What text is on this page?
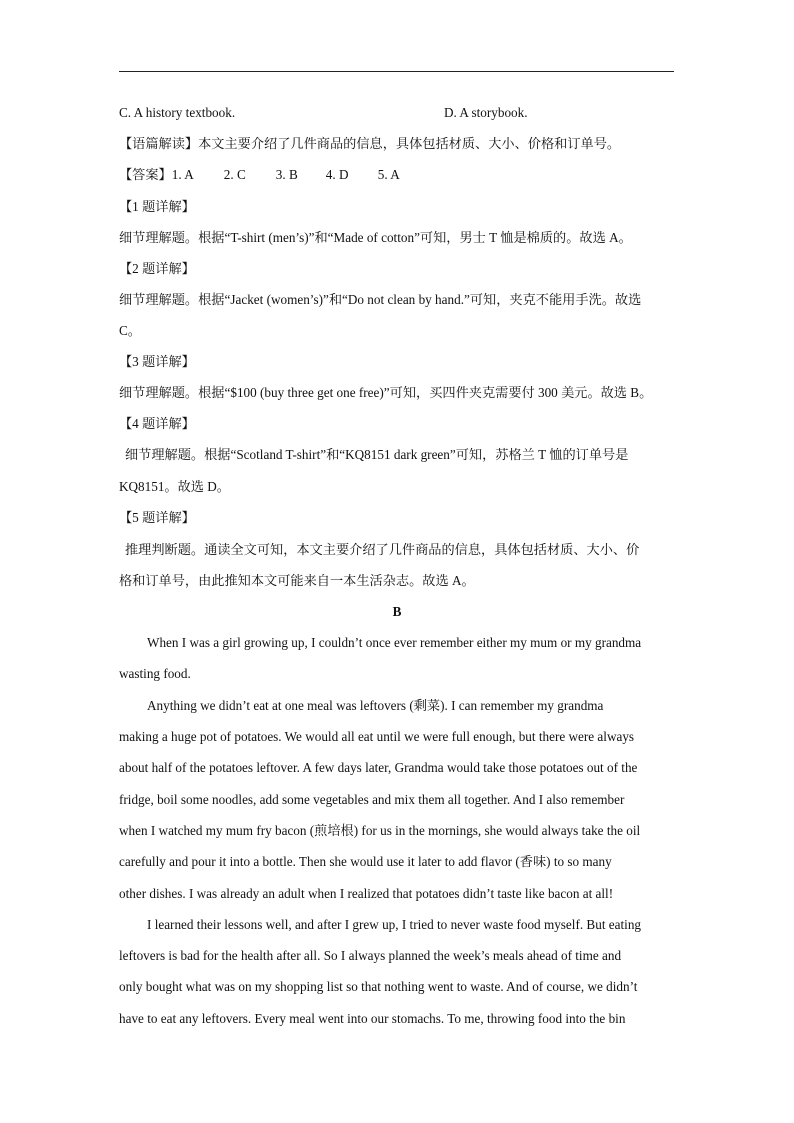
C. A history textbook.	D. A storybook.
【语篇解读】本文主要介绍了几件商品的信息，具体包括材质、大小、价格和订单号。
【答案】1. A 2. C 3. B 4. D 5. A
【1 题详解】
细节理解题。根据“T-shirt (men’s)”和“Made of cotton”可知，男士 T 恤是棉质的。故选 A。
【2 题详解】
细节理解题。根据“Jacket (women’s)”和“Do not clean by hand.”可知，夹克不能用手洗。故选
C。
【3 题详解】
细节理解题。根据“$100 (buy three get one free)”可知，买四件夹克需要付 300 美元。故选 B。
【4 题详解】
细节理解题。根据“Scotland T-shirt”和“KQ8151 dark green”可知，苏格兰 T 恤的订单号是
KQ8151。故选 D。
【5 题详解】
推理判断题。通读全文可知，本文主要介绍了几件商品的信息，具体包括材质、大小、价
格和订单号，由此推知本文可能来自一本生活杂志。故选 A。
B
When I was a girl growing up, I couldn’t once ever remember either my mum or my grandma
wasting food.
Anything we didn’t eat at one meal was leftovers (剩菜). I can remember my grandma
making a huge pot of potatoes. We would all eat until we were full enough, but there were always
about half of the potatoes leftover. A few days later, Grandma would take those potatoes out of the
fridge, boil some noodles, add some vegetables and mix them all together. And I also remember
when I watched my mum fry bacon (煎培根) for us in the mornings, she would always take the oil
carefully and pour it into a bottle. Then she would use it later to add flavor (香味) to so many
other dishes. I was already an adult when I realized that potatoes didn’t taste like bacon at all!
I learned their lessons well, and after I grew up, I tried to never waste food myself. But eating
leftovers is bad for the health after all. So I always planned the week’s meals ahead of time and
only bought what was on my shopping list so that nothing went to waste. And of course, we didn’t
have to eat any leftovers. Every meal went into our stomachs. To me, throwing food into the bin
